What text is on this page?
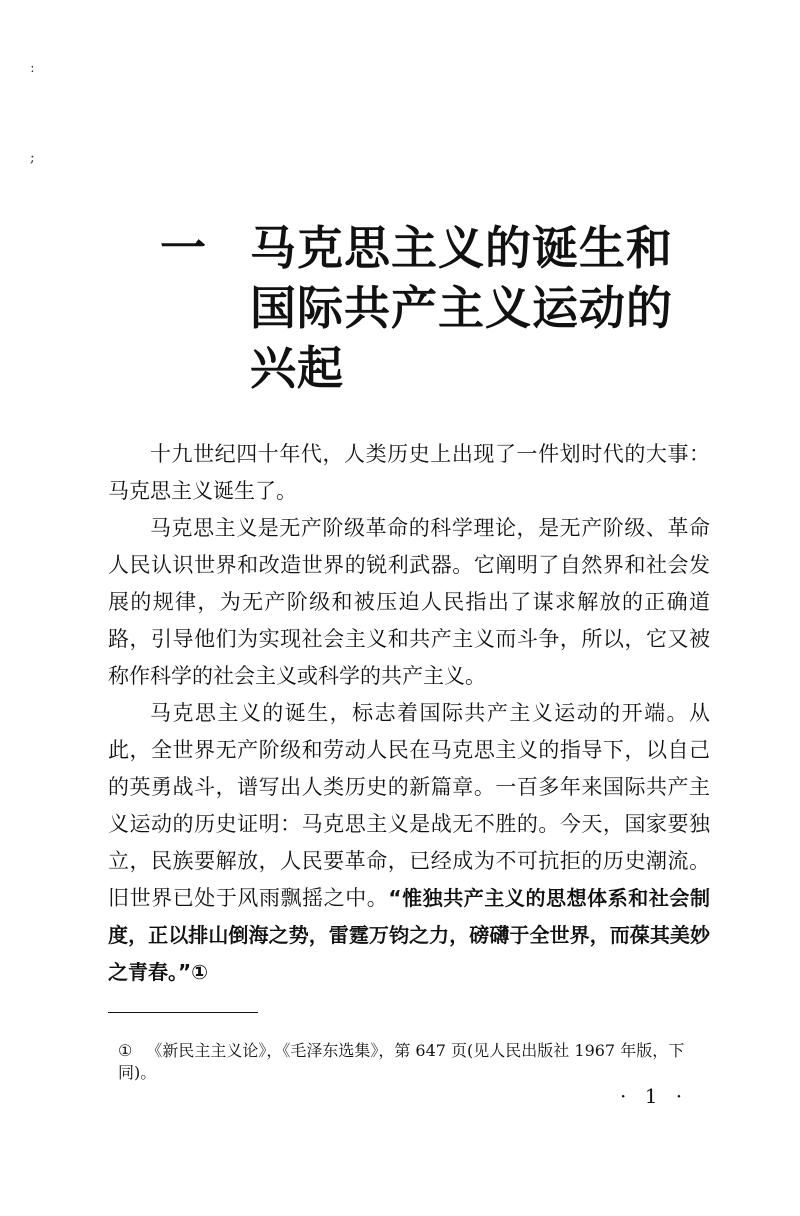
ː
;
一 马克思主义的诞生和国际共产主义运动的兴起

十九世纪四十年代，人类历史上出现了一件划时代的大事：马克思主义诞生了。

马克思主义是无产阶级革命的科学理论，是无产阶级、革命人民认识世界和改造世界的锐利武器。它阐明了自然界和社会发展的规律，为无产阶级和被压迫人民指出了谋求解放的正确道路，引导他们为实现社会主义和共产主义而斗争，所以，它又被称作科学的社会主义或科学的共产主义。

马克思主义的诞生，标志着国际共产主义运动的开端。从此，全世界无产阶级和劳动人民在马克思主义的指导下，以自己的英勇战斗，谱写出人类历史的新篇章。一百多年来国际共产主义运动的历史证明：马克思主义是战无不胜的。今天，国家要独立，民族要解放，人民要革命，已经成为不可抗拒的历史潮流。旧世界已处于风雨飘摇之中。“惟独共产主义的思想体系和社会制度，正以排山倒海之势，雷霆万钧之力，磅礴于全世界，而葆其美妙之青春。”①

① 《新民主主义论》，《毛泽东选集》，第 647 页(见人民出版社 1967 年版，下同)。
· 1 ·
